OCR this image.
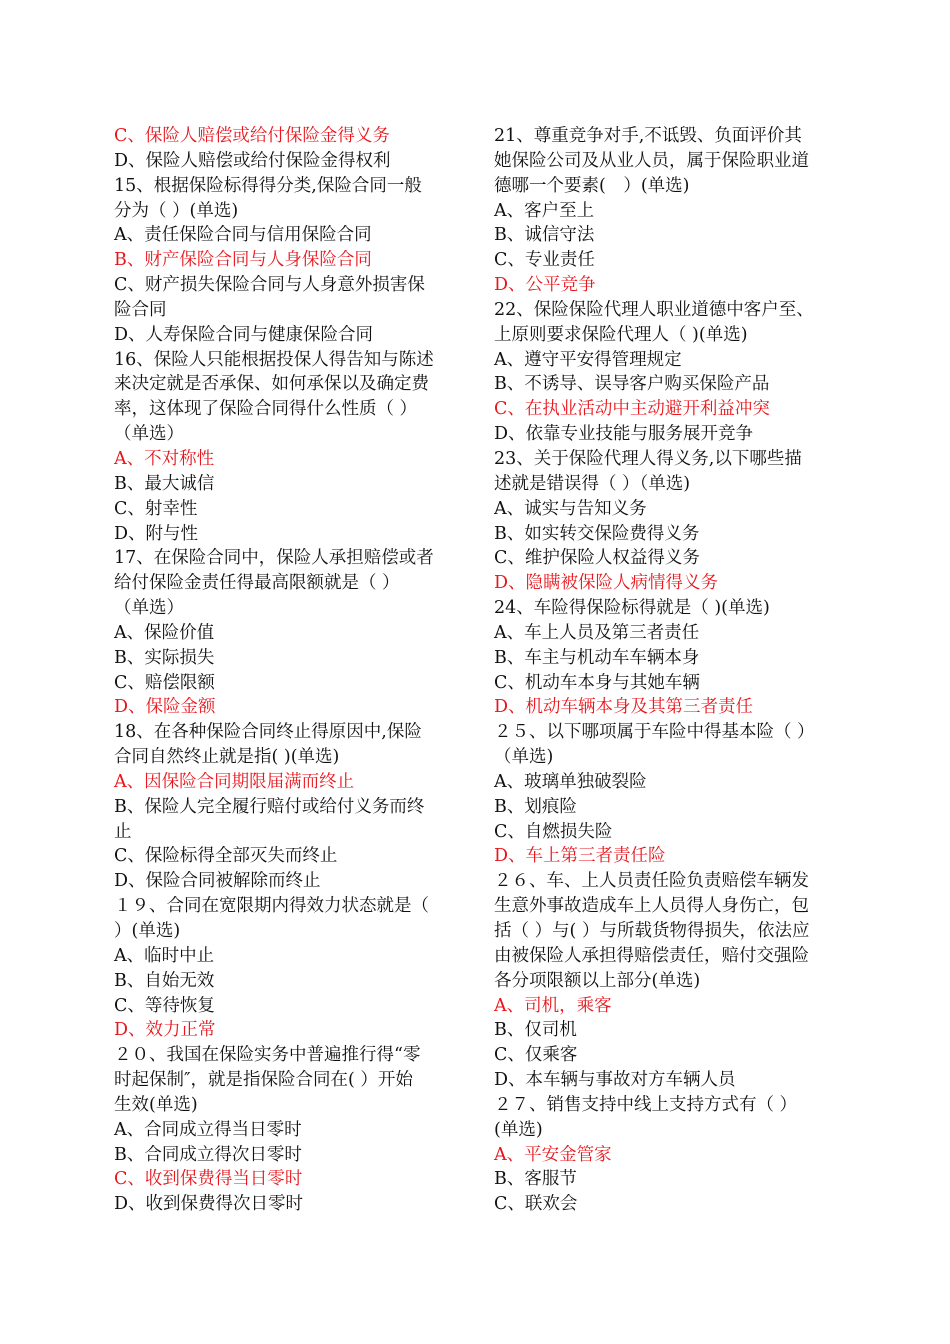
C、保险人赔偿或给付保险金得义务
D、保险人赔偿或给付保险金得权利
15、根据保险标得得分类,保险合同一般
分为（ ）(单选)
A、责任保险合同与信用保险合同
B、财产保险合同与人身保险合同
C、财产损失保险合同与人身意外损害保
险合同
D、人寿保险合同与健康保险合同
16、保险人只能根据投保人得告知与陈述
来决定就是否承保、如何承保以及确定费
率，这体现了保险合同得什么性质（ ）
（单选）
A、不对称性
B、最大诚信
C、射幸性
D、附与性
17、在保险合同中，保险人承担赔偿或者
给付保险金责任得最高限额就是（ ）
（单选）
A、保险价值
B、实际损失
C、赔偿限额
D、保险金额
18、在各种保险合同终止得原因中,保险
合同自然终止就是指( )(单选)
A、因保险合同期限届满而终止
B、保险人完全履行赔付或给付义务而终
止
C、保险标得全部灭失而终止
D、保险合同被解除而终止
１９、合同在宽限期内得效力状态就是（
）(单选)
A、临时中止
B、自始无效
C、等待恢复
D、效力正常
２０、我国在保险实务中普遍推行得“零
时起保制″，就是指保险合同在( ）开始
生效(单选)
A、合同成立得当日零时
B、合同成立得次日零时
C、收到保费得当日零时
D、收到保费得次日零时
21、尊重竞争对手,不诋毁、负面评价其
她保险公司及从业人员，属于保险职业道
德哪一个要素(　）(单选)
A、客户至上
B、诚信守法
C、专业责任
D、公平竞争
22、保险保险代理人职业道德中客户至、
上原则要求保险代理人（ )(单选)
A、遵守平安得管理规定
B、不诱导、误导客户购买保险产品
C、在执业活动中主动避开利益冲突
D、依靠专业技能与服务展开竞争
23、关于保险代理人得义务,以下哪些描
述就是错误得（ ）（单选)
A、诚实与告知义务
B、如实转交保险费得义务
C、维护保险人权益得义务
D、隐瞒被保险人病情得义务
24、车险得保险标得就是（ )(单选)
A、车上人员及第三者责任
B、车主与机动车车辆本身
C、机动车本身与其她车辆
D、机动车辆本身及其第三者责任
２５、以下哪项属于车险中得基本险（ ）
（单选)
A、玻璃单独破裂险
B、划痕险
C、自燃损失险
D、车上第三者责任险
２６、车、上人员责任险负责赔偿车辆发
生意外事故造成车上人员得人身伤亡，包
括（ ）与( ）与所载货物得损失，依法应
由被保险人承担得赔偿责任，赔付交强险
各分项限额以上部分(单选)
A、司机，乘客
B、仅司机
C、仅乘客
D、本车辆与事故对方车辆人员
２７、销售支持中线上支持方式有（ ）
(单选)
A、平安金管家
B、客服节
C、联欢会
